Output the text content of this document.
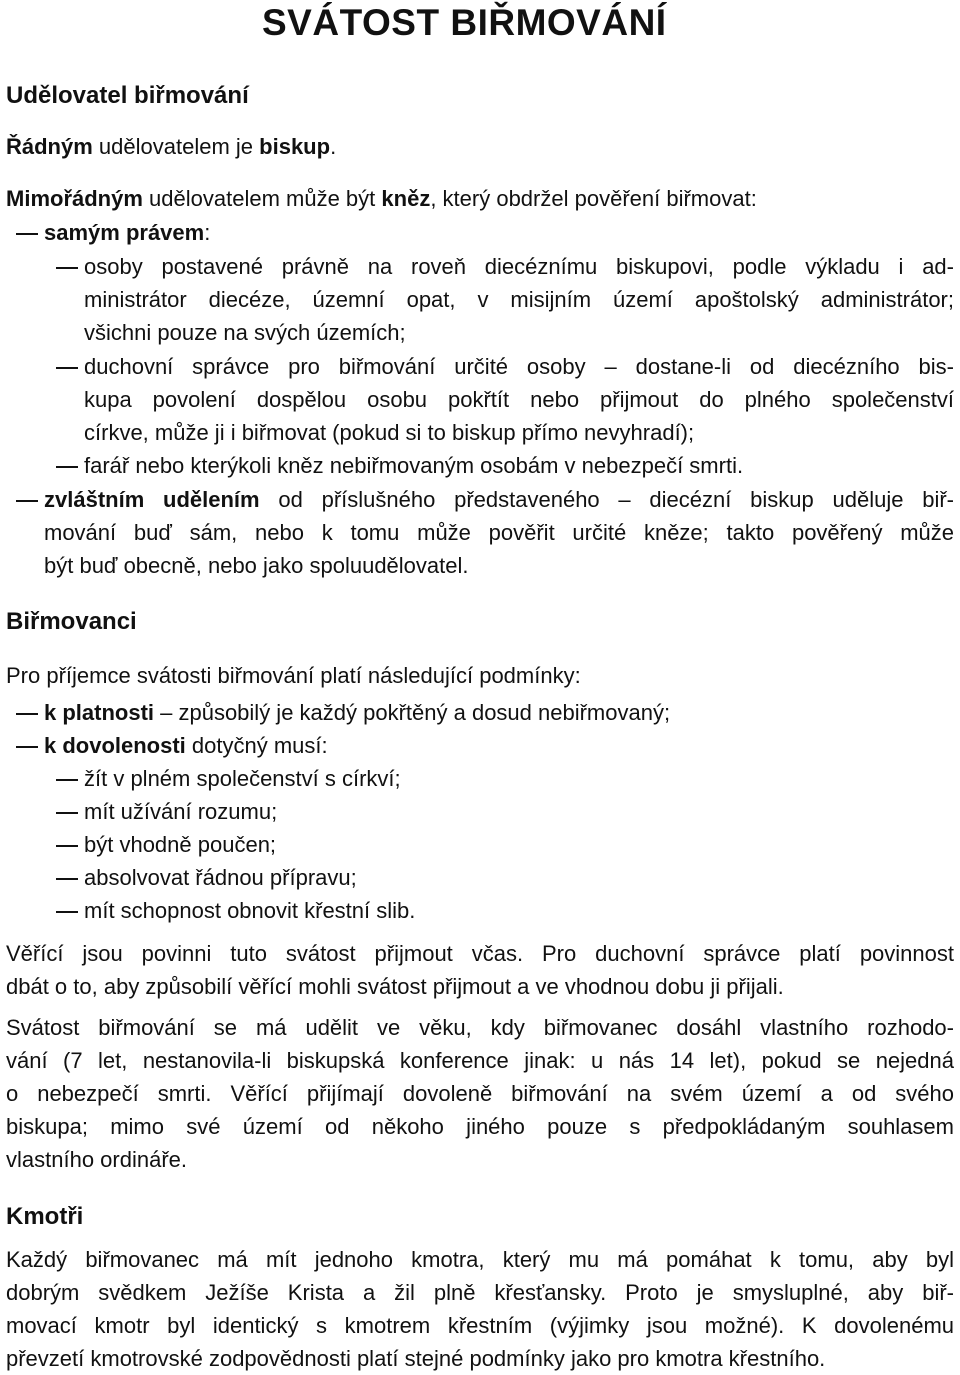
SVÁTOST BIŘMOVÁNÍ
Udělovatel biřmování
Řádným udělovatelem je biskup.
Mimořádným udělovatelem může být kněz, který obdržel pověření biřmovat:
samým právem:
osoby postavené právně na roveň diecéznímu biskupovi, podle výkladu i ad-
ministrátor diecéze, územní opat, v misijním území apoštolský administrátor;
všichni pouze na svých územích;
duchovní správce pro biřmování určité osoby – dostane-li od diecézního bis-
kupa povolení dospělou osobu pokřtít nebo přijmout do plného společenství
církve, může ji i biřmovat (pokud si to biskup přímo nevyhradí);
farář nebo kterýkoli kněz nebiřmovaným osobám v nebezpečí smrti.
zvláštním udělením od příslušného představeného – diecézní biskup uděluje biř-
mování buď sám, nebo k tomu může pověřit určité kněze; takto pověřený může
být buď obecně, nebo jako spoluudělovatel.
Biřmovanci
Pro příjemce svátosti biřmování platí následující podmínky:
k platnosti – způsobilý je každý pokřtěný a dosud nebiřmovaný;
k dovolenosti dotyčný musí:
žít v plném společenství s církví;
mít užívání rozumu;
být vhodně poučen;
absolvovat řádnou přípravu;
mít schopnost obnovit křestní slib.
Věřící jsou povinni tuto svátost přijmout včas. Pro duchovní správce platí povinnost
dbát o to, aby způsobilí věřící mohli svátost přijmout a ve vhodnou dobu ji přijali.
Svátost biřmování se má udělit ve věku, kdy biřmovanec dosáhl vlastního rozhodo-
vání (7 let, nestanovila-li biskupská konference jinak: u nás 14 let), pokud se nejedná
o nebezpečí smrti. Věřící přijímají dovoleně biřmování na svém území a od svého
biskupa; mimo své území od někoho jiného pouze s předpokládaným souhlasem
vlastního ordináře.
Kmotři
Každý biřmovanec má mít jednoho kmotra, který mu má pomáhat k tomu, aby byl
dobrým svědkem Ježíše Krista a žil plně křesťansky. Proto je smysluplné, aby biř-
movací kmotr byl identický s kmotrem křestním (výjimky jsou možné). K dovolenému
převzetí kmotrovské zodpovědnosti platí stejné podmínky jako pro kmotra křestního.
